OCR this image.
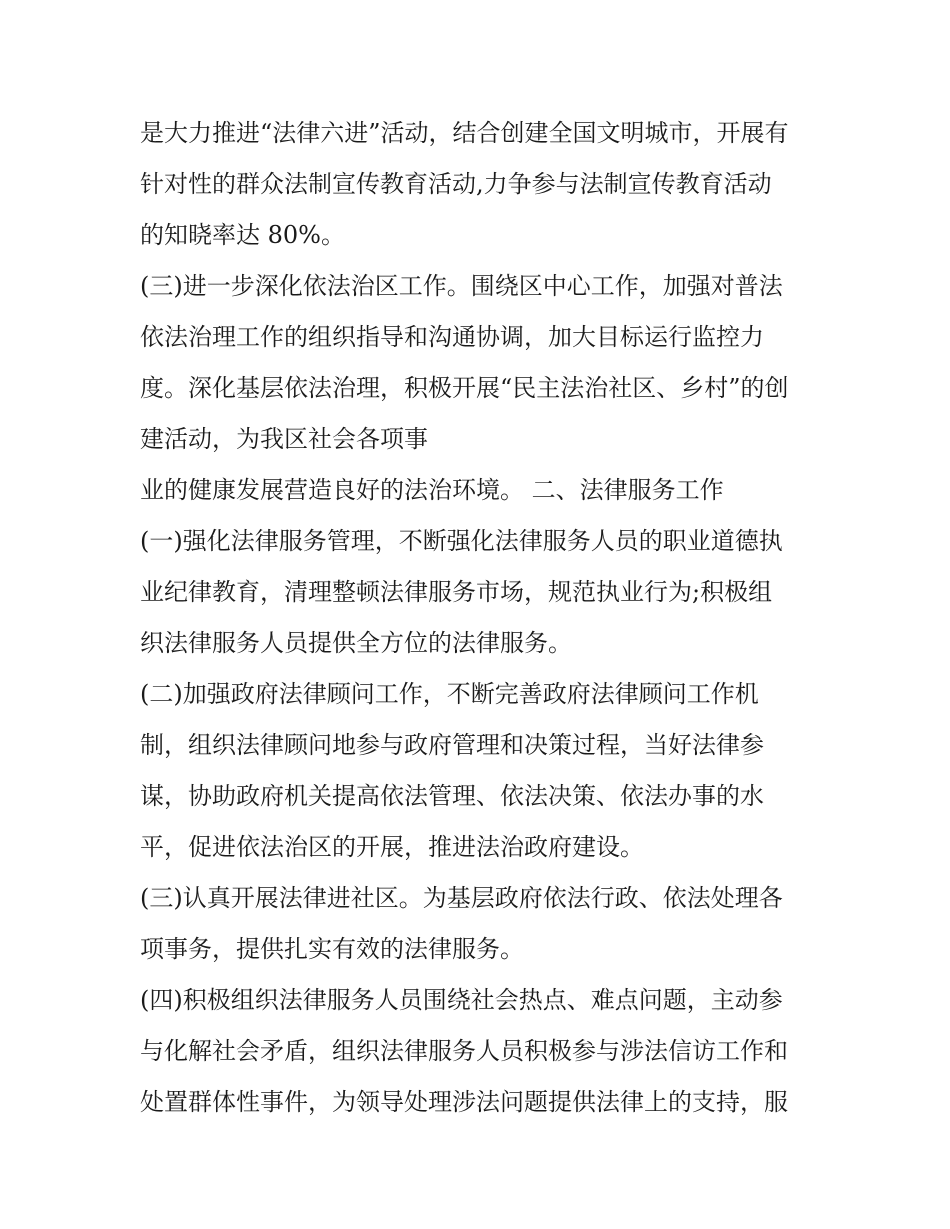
是大力推进“法律六进”活动，结合创建全国文明城市，开展有
针对性的群众法制宣传教育活动,力争参与法制宣传教育活动
的知晓率达 80%。
(三)进一步深化依法治区工作。围绕区中心工作，加强对普法
依法治理工作的组织指导和沟通协调，加大目标运行监控力
度。深化基层依法治理，积极开展“民主法治社区、乡村”的创
建活动，为我区社会各项事
业的健康发展营造良好的法治环境。 二、法律服务工作
(一)强化法律服务管理，不断强化法律服务人员的职业道德执
业纪律教育，清理整顿法律服务市场，规范执业行为;积极组
织法律服务人员提供全方位的法律服务。
(二)加强政府法律顾问工作，不断完善政府法律顾问工作机
制，组织法律顾问地参与政府管理和决策过程，当好法律参
谋，协助政府机关提高依法管理、依法决策、依法办事的水
平，促进依法治区的开展，推进法治政府建设。
(三)认真开展法律进社区。为基层政府依法行政、依法处理各
项事务，提供扎实有效的法律服务。
(四)积极组织法律服务人员围绕社会热点、难点问题，主动参
与化解社会矛盾，组织法律服务人员积极参与涉法信访工作和
处置群体性事件，为领导处理涉法问题提供法律上的支持，服
